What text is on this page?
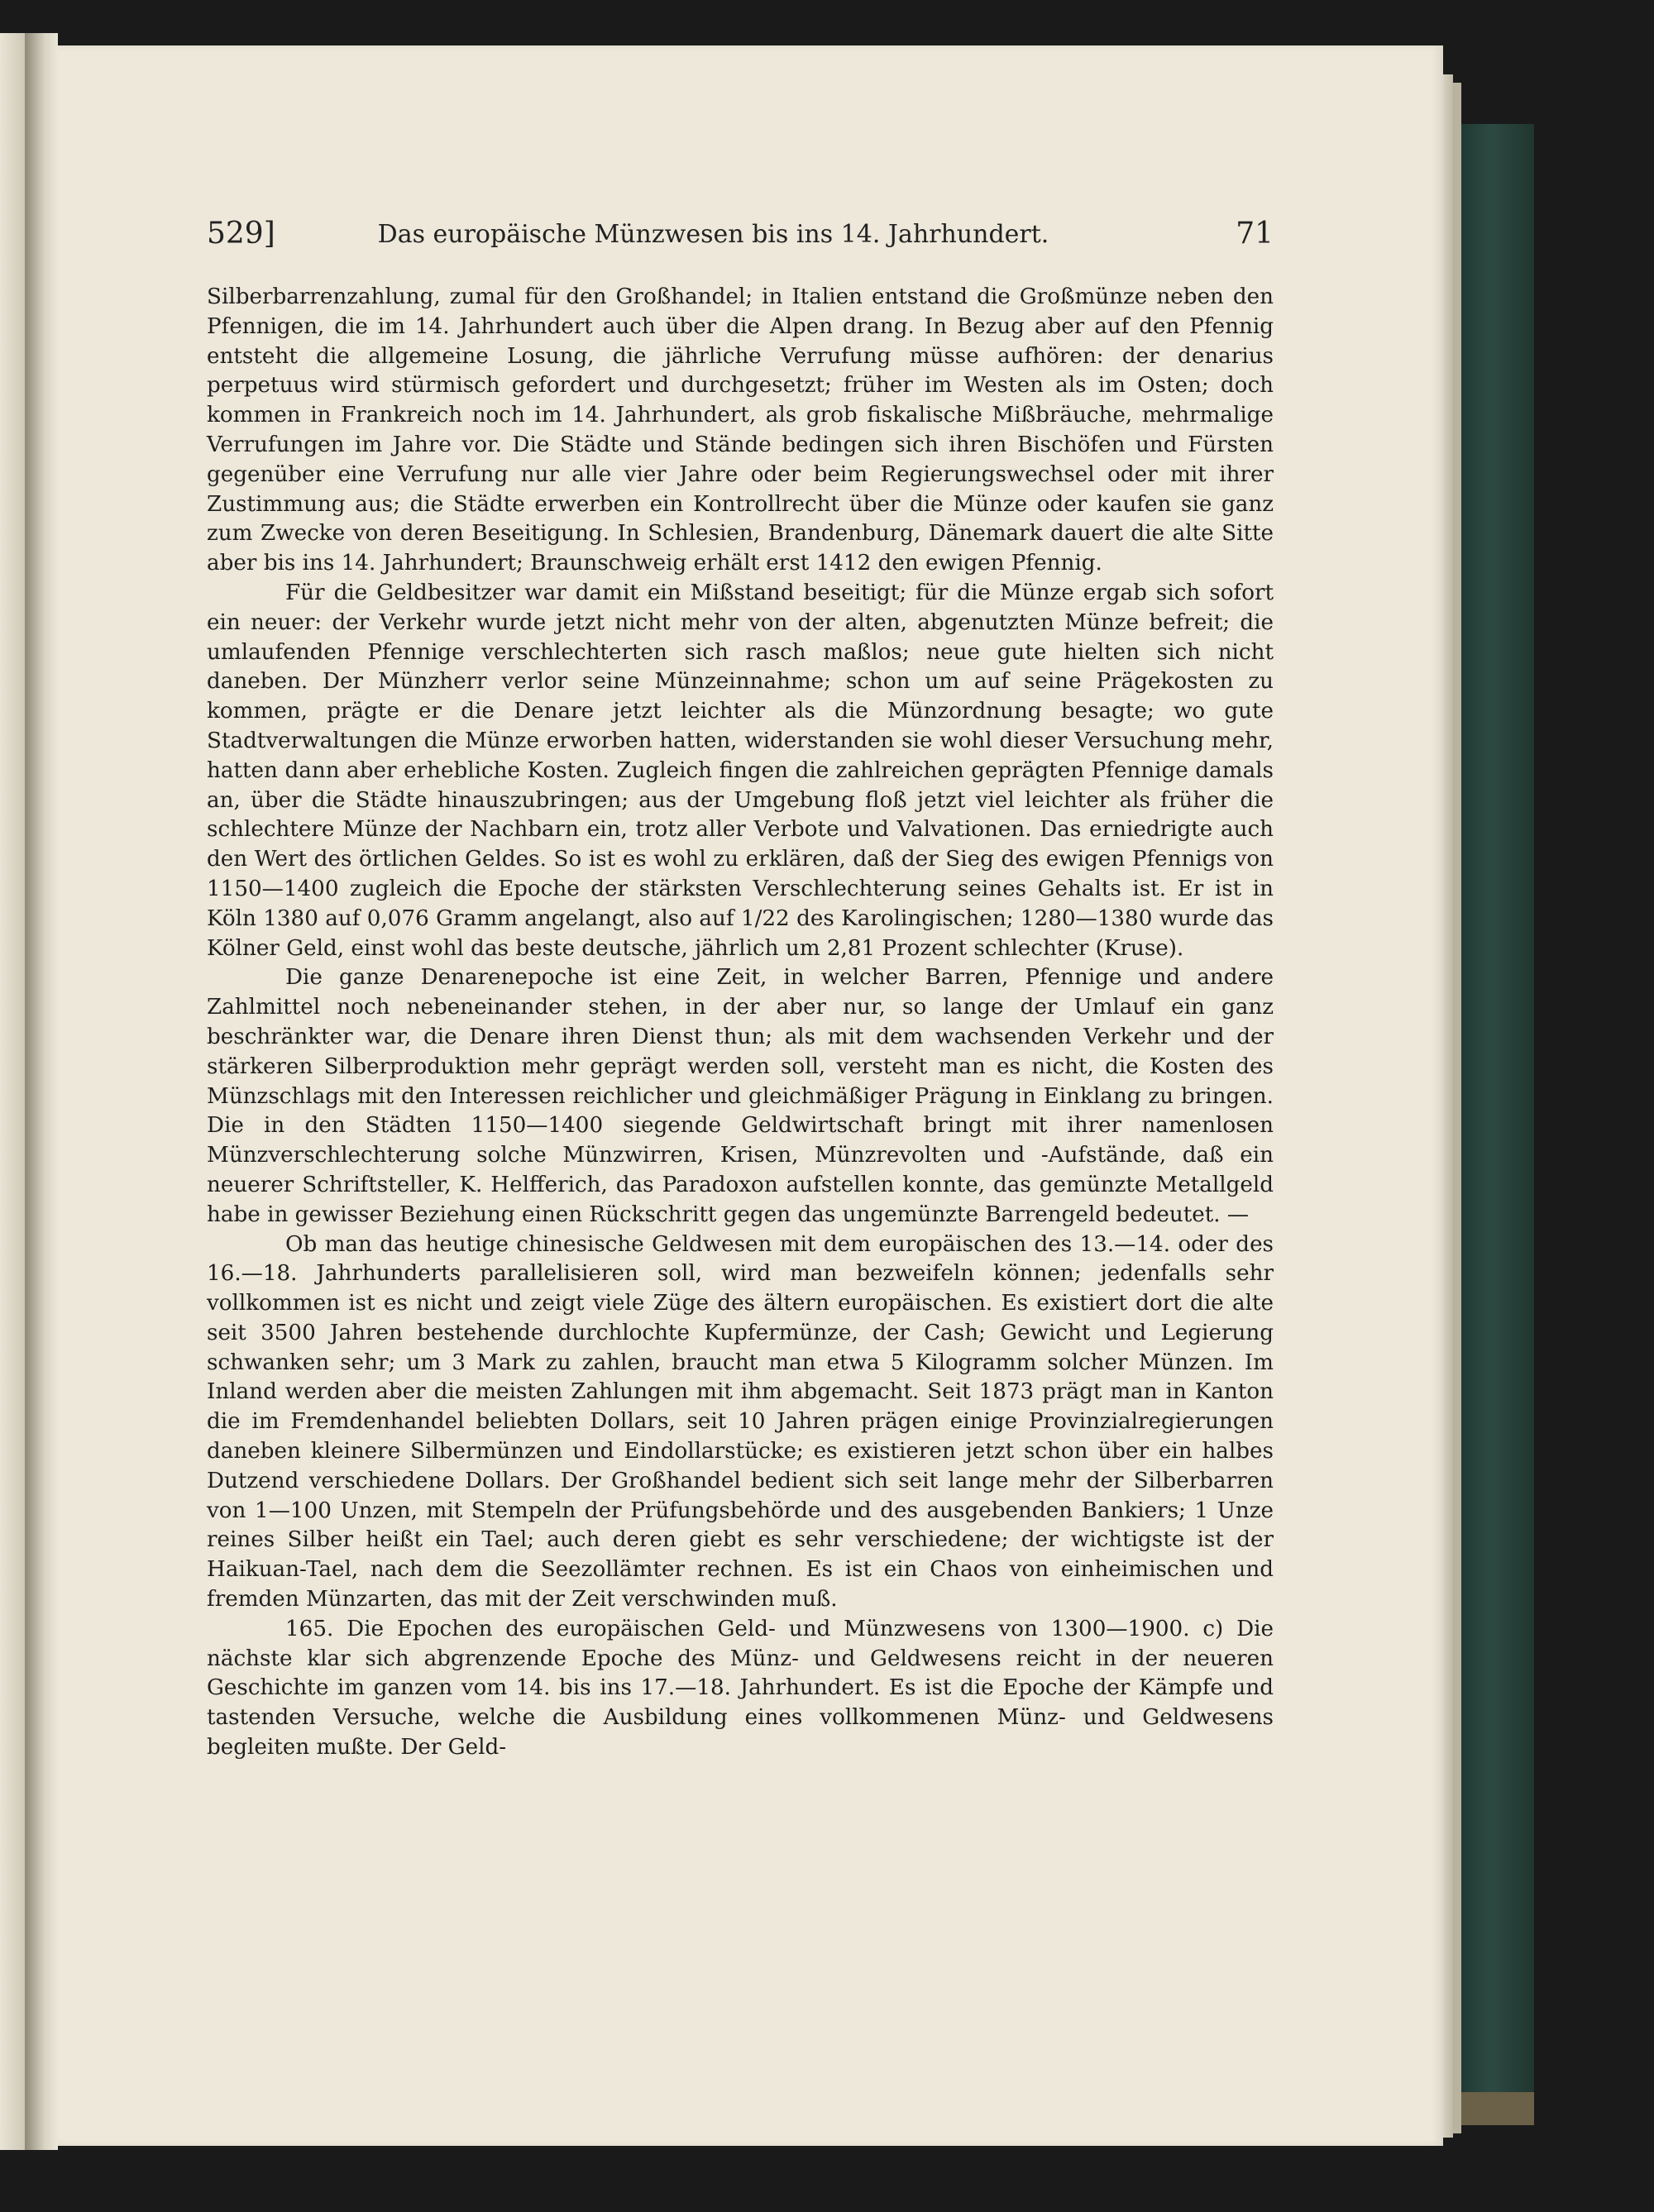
529]	Das europäische Münzwesen bis ins 14. Jahrhundert.	71

Silberbarrenzahlung, zumal für den Großhandel; in Italien entstand die Großmünze neben den Pfennigen, die im 14. Jahrhundert auch über die Alpen drang. In Bezug aber auf den Pfennig entsteht die allgemeine Losung, die jährliche Verrufung müsse aufhören: der denarius perpetuus wird stürmisch gefordert und durchgesetzt; früher im Westen als im Osten; doch kommen in Frankreich noch im 14. Jahrhundert, als grob fiskalische Mißbräuche, mehrmalige Verrufungen im Jahre vor. Die Städte und Stände bedingen sich ihren Bischöfen und Fürsten gegenüber eine Verrufung nur alle vier Jahre oder beim Regierungswechsel oder mit ihrer Zustimmung aus; die Städte erwerben ein Kontrollrecht über die Münze oder kaufen sie ganz zum Zwecke von deren Beseitigung. In Schlesien, Brandenburg, Dänemark dauert die alte Sitte aber bis ins 14. Jahrhundert; Braunschweig erhält erst 1412 den ewigen Pfennig.

Für die Geldbesitzer war damit ein Mißstand beseitigt; für die Münze ergab sich sofort ein neuer: der Verkehr wurde jetzt nicht mehr von der alten, abgenutzten Münze befreit; die umlaufenden Pfennige verschlechterten sich rasch maßlos; neue gute hielten sich nicht daneben. Der Münzherr verlor seine Münzeinnahme; schon um auf seine Prägekosten zu kommen, prägte er die Denare jetzt leichter als die Münzordnung besagte; wo gute Stadtverwaltungen die Münze erworben hatten, widerstanden sie wohl dieser Versuchung mehr, hatten dann aber erhebliche Kosten. Zugleich fingen die zahlreichen geprägten Pfennige damals an, über die Städte hinauszubringen; aus der Umgebung floß jetzt viel leichter als früher die schlechtere Münze der Nachbarn ein, trotz aller Verbote und Valvationen. Das erniedrigte auch den Wert des örtlichen Geldes. So ist es wohl zu erklären, daß der Sieg des ewigen Pfennigs von 1150—1400 zugleich die Epoche der stärksten Verschlechterung seines Gehalts ist. Er ist in Köln 1380 auf 0,076 Gramm angelangt, also auf 1/22 des Karolingischen; 1280—1380 wurde das Kölner Geld, einst wohl das beste deutsche, jährlich um 2,81 Prozent schlechter (Kruse).

Die ganze Denarenepoche ist eine Zeit, in welcher Barren, Pfennige und andere Zahlmittel noch nebeneinander stehen, in der aber nur, so lange der Umlauf ein ganz beschränkter war, die Denare ihren Dienst thun; als mit dem wachsenden Verkehr und der stärkeren Silberproduktion mehr geprägt werden soll, versteht man es nicht, die Kosten des Münzschlags mit den Interessen reichlicher und gleichmäßiger Prägung in Einklang zu bringen. Die in den Städten 1150—1400 siegende Geldwirtschaft bringt mit ihrer namenlosen Münzverschlechterung solche Münzwirren, Krisen, Münzrevolten und -Aufstände, daß ein neuerer Schriftsteller, K. Helfferich, das Paradoxon aufstellen konnte, das gemünzte Metallgeld habe in gewisser Beziehung einen Rückschritt gegen das ungemünzte Barrengeld bedeutet. —

Ob man das heutige chinesische Geldwesen mit dem europäischen des 13.—14. oder des 16.—18. Jahrhunderts parallelisieren soll, wird man bezweifeln können; jedenfalls sehr vollkommen ist es nicht und zeigt viele Züge des ältern europäischen. Es existiert dort die alte seit 3500 Jahren bestehende durchlochte Kupfermünze, der Cash; Gewicht und Legierung schwanken sehr; um 3 Mark zu zahlen, braucht man etwa 5 Kilogramm solcher Münzen. Im Inland werden aber die meisten Zahlungen mit ihm abgemacht. Seit 1873 prägt man in Kanton die im Fremdenhandel beliebten Dollars, seit 10 Jahren prägen einige Provinzialregierungen daneben kleinere Silbermünzen und Eindollarstücke; es existieren jetzt schon über ein halbes Dutzend verschiedene Dollars. Der Großhandel bedient sich seit lange mehr der Silberbarren von 1—100 Unzen, mit Stempeln der Prüfungsbehörde und des ausgebenden Bankiers; 1 Unze reines Silber heißt ein Tael; auch deren giebt es sehr verschiedene; der wichtigste ist der Haikuan-Tael, nach dem die Seezollämter rechnen. Es ist ein Chaos von einheimischen und fremden Münzarten, das mit der Zeit verschwinden muß.

165. Die Epochen des europäischen Geld- und Münzwesens von 1300—1900. c) Die nächste klar sich abgrenzende Epoche des Münz- und Geldwesens reicht in der neueren Geschichte im ganzen vom 14. bis ins 17.—18. Jahrhundert. Es ist die Epoche der Kämpfe und tastenden Versuche, welche die Ausbildung eines vollkommenen Münz- und Geldwesens begleiten mußte. Der Geld-
